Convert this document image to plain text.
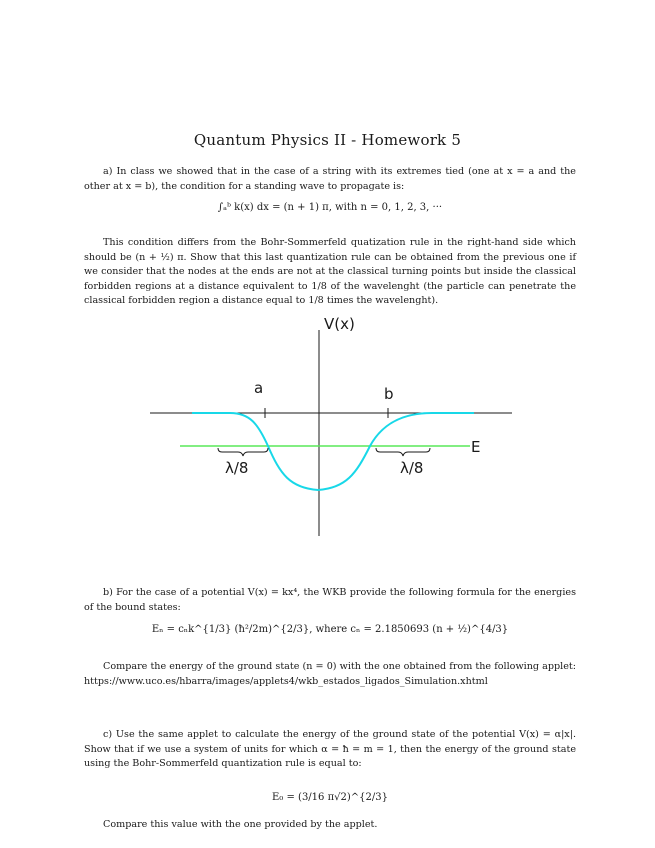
Quantum Physics II - Homework 5

a) In class we showed that in the case of a string with its extremes tied (one at x = a and the other at x = b), the condition for a standing wave to propagate is:

∫ₐᵇ k(x) dx = (n + 1) π, with n = 0, 1, 2, 3, ···

This condition differs from the Bohr-Sommerfeld quatization rule in the right-hand side which should be (n + ½) π. Show that this last quantization rule can be obtained from the previous one if we consider that the nodes at the ends are not at the classical turning points but inside the classical forbidden regions at a distance equivalent to 1/8 of the wavelenght (the particle can penetrate the classical forbidden region a distance equal to 1/8 times the wavelenght).

V(x)
a	b
E
λ/8	λ/8

b) For the case of a potential V(x) = kx⁴, the WKB provide the following formula for the energies of the bound states:

Eₙ = cₙk^{1/3} (ħ²/2m)^{2/3}, where cₙ = 2.1850693 (n + ½)^{4/3}

Compare the energy of the ground state (n = 0) with the one obtained from the following applet: https://www.uco.es/hbarra/images/applets4/wkb_estados_ligados_Simulation.xhtml

c) Use the same applet to calculate the energy of the ground state of the potential V(x) = α|x|. Show that if we use a system of units for which α = ħ = m = 1, then the energy of the ground state using the Bohr-Sommerfeld quantization rule is equal to:

E₀ = (3/16 π√2)^{2/3}

Compare this value with the one provided by the applet.
